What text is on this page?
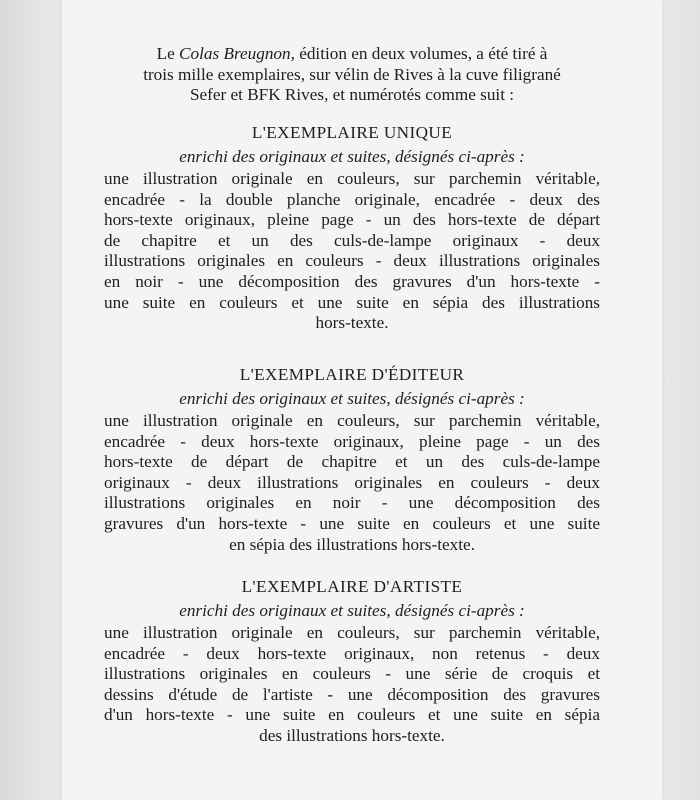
Le Colas Breugnon, édition en deux volumes, a été tiré à
trois mille exemplaires, sur vélin de Rives à la cuve filigrané
Sefer et BFK Rives, et numérotés comme suit :
L'EXEMPLAIRE UNIQUE
enrichi des originaux et suites, désignés ci-après :
une illustration originale en couleurs, sur parchemin véritable,
encadrée - la double planche originale, encadrée - deux des
hors-texte originaux, pleine page - un des hors-texte de départ
de chapitre et un des culs-de-lampe originaux - deux
illustrations originales en couleurs - deux illustrations originales
en noir - une décomposition des gravures d'un hors-texte -
une suite en couleurs et une suite en sépia des illustrations
hors-texte.
L'EXEMPLAIRE D'ÉDITEUR
enrichi des originaux et suites, désignés ci-après :
une illustration originale en couleurs, sur parchemin véritable,
encadrée - deux hors-texte originaux, pleine page - un des
hors-texte de départ de chapitre et un des culs-de-lampe
originaux - deux illustrations originales en couleurs - deux
illustrations originales en noir - une décomposition des
gravures d'un hors-texte - une suite en couleurs et une suite
en sépia des illustrations hors-texte.
L'EXEMPLAIRE D'ARTISTE
enrichi des originaux et suites, désignés ci-après :
une illustration originale en couleurs, sur parchemin véritable,
encadrée - deux hors-texte originaux, non retenus - deux
illustrations originales en couleurs - une série de croquis et
dessins d'étude de l'artiste - une décomposition des gravures
d'un hors-texte - une suite en couleurs et une suite en sépia
des illustrations hors-texte.
